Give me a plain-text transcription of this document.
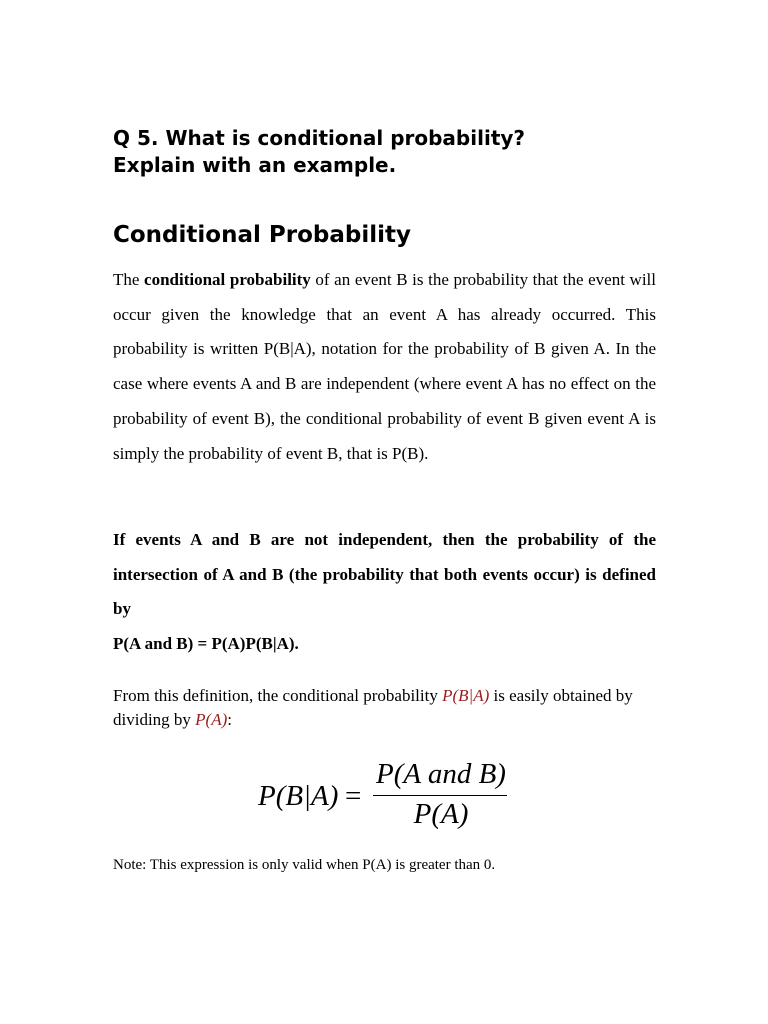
Q 5. What is conditional probability?
Explain with an example.
Conditional Probability

The conditional probability of an event B is the probability that the event will occur given the knowledge that an event A has already occurred. This probability is written P(B|A), notation for the probability of B given A. In the case where events A and B are independent (where event A has no effect on the probability of event B), the conditional probability of event B given event A is simply the probability of event B, that is P(B).

If events A and B are not independent, then the probability of the intersection of A and B (the probability that both events occur) is defined by
P(A and B) = P(A)P(B|A).

From this definition, the conditional probability P(B|A) is easily obtained by dividing by P(A):

P(B|A) =
P(A and B)
P(A)

Note: This expression is only valid when P(A) is greater than 0.
